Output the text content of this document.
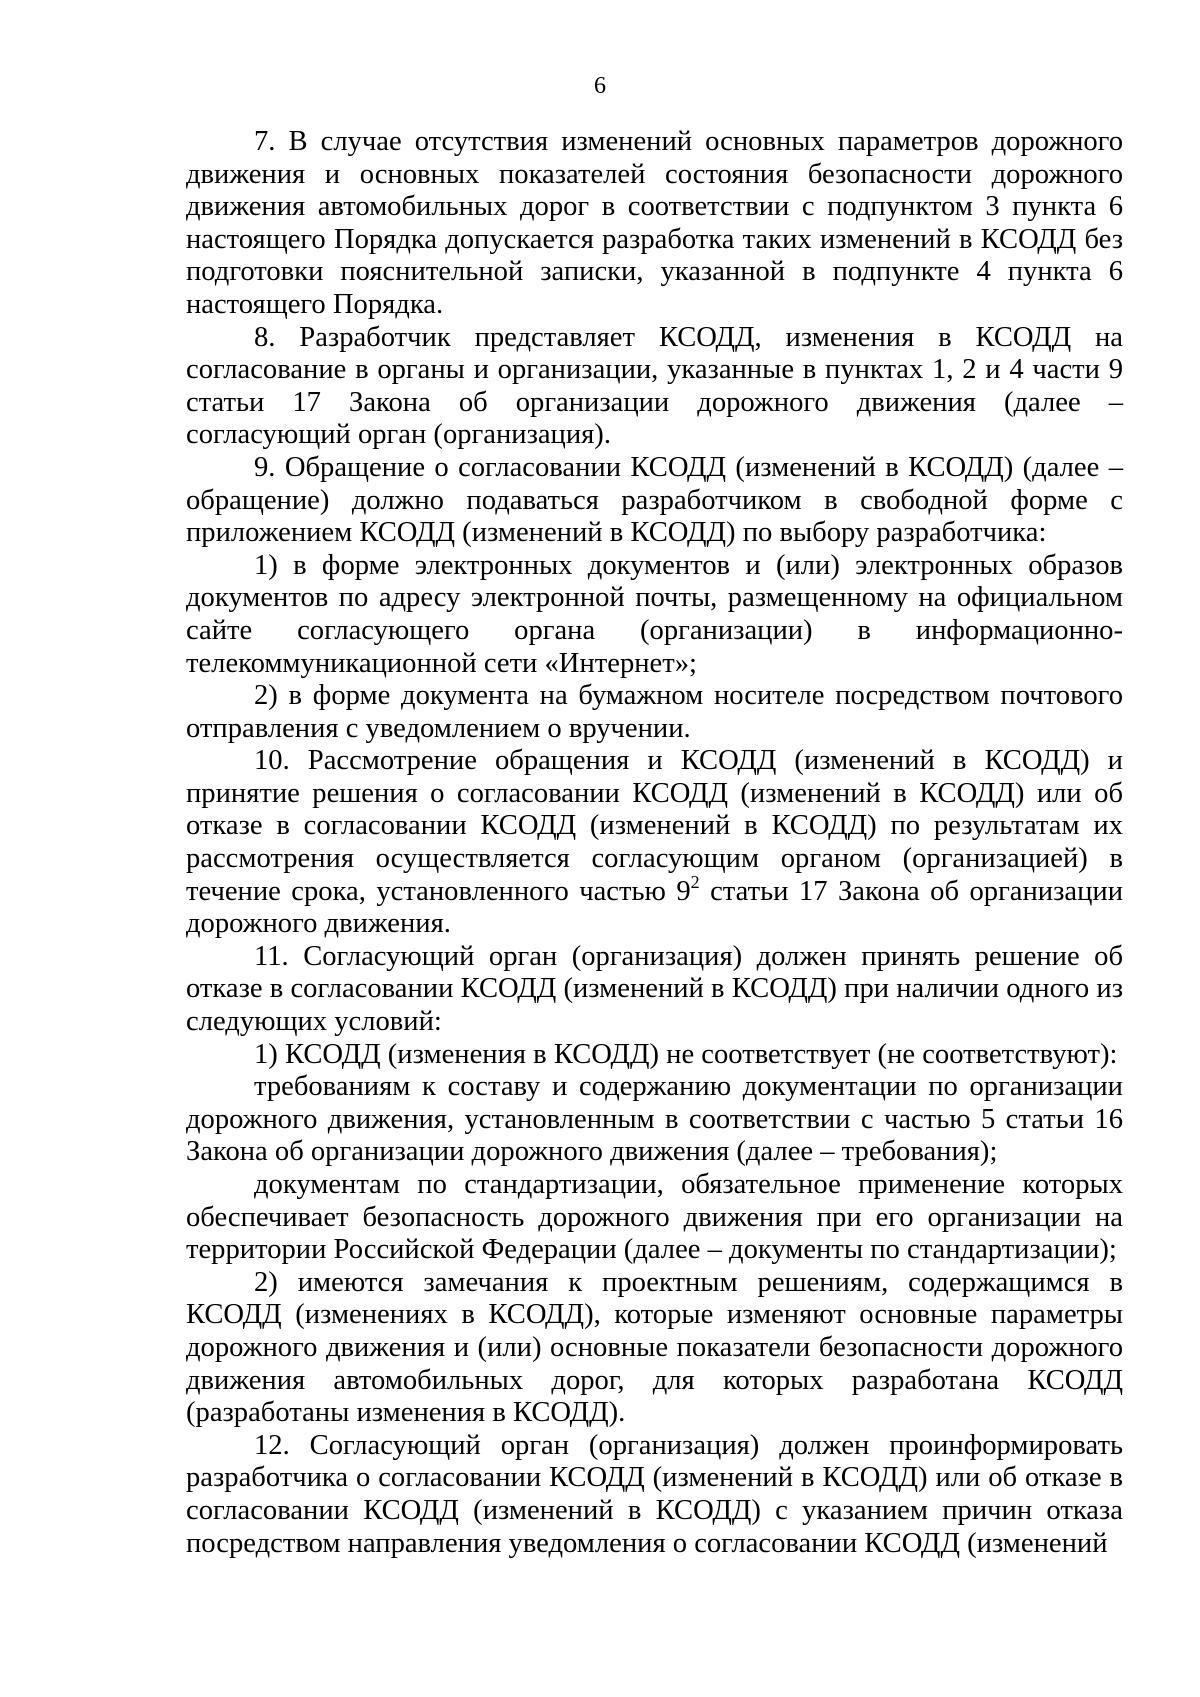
6

7. В случае отсутствия изменений основных параметров дорожного движения и основных показателей состояния безопасности дорожного движения автомобильных дорог в соответствии с подпунктом 3 пункта 6 настоящего Порядка допускается разработка таких изменений в КСОДД без подготовки пояснительной записки, указанной в подпункте 4 пункта 6 настоящего Порядка.

8. Разработчик представляет КСОДД, изменения в КСОДД на согласование в органы и организации, указанные в пунктах 1, 2 и 4 части 9 статьи 17 Закона об организации дорожного движения (далее – согласующий орган (организация).

9. Обращение о согласовании КСОДД (изменений в КСОДД) (далее – обращение) должно подаваться разработчиком в свободной форме с приложением КСОДД (изменений в КСОДД) по выбору разработчика:

1) в форме электронных документов и (или) электронных образов документов по адресу электронной почты, размещенному на официальном сайте согласующего органа (организации) в информационно-телекоммуникационной сети «Интернет»;

2) в форме документа на бумажном носителе посредством почтового отправления с уведомлением о вручении.

10. Рассмотрение обращения и КСОДД (изменений в КСОДД) и принятие решения о согласовании КСОДД (изменений в КСОДД) или об отказе в согласовании КСОДД (изменений в КСОДД) по результатам их рассмотрения осуществляется согласующим органом (организацией) в течение срока, установленного частью $9^2$ статьи 17 Закона об организации дорожного движения.

11. Согласующий орган (организация) должен принять решение об отказе в согласовании КСОДД (изменений в КСОДД) при наличии одного из следующих условий:

1) КСОДД (изменения в КСОДД) не соответствует (не соответствуют):

требованиям к составу и содержанию документации по организации дорожного движения, установленным в соответствии с частью 5 статьи 16 Закона об организации дорожного движения (далее – требования);

документам по стандартизации, обязательное применение которых обеспечивает безопасность дорожного движения при его организации на территории Российской Федерации (далее – документы по стандартизации);

2) имеются замечания к проектным решениям, содержащимся в КСОДД (изменениях в КСОДД), которые изменяют основные параметры дорожного движения и (или) основные показатели безопасности дорожного движения автомобильных дорог, для которых разработана КСОДД (разработаны изменения в КСОДД).

12. Согласующий орган (организация) должен проинформировать разработчика о согласовании КСОДД (изменений в КСОДД) или об отказе в согласовании КСОДД (изменений в КСОДД) с указанием причин отказа посредством направления уведомления о согласовании КСОДД (изменений
